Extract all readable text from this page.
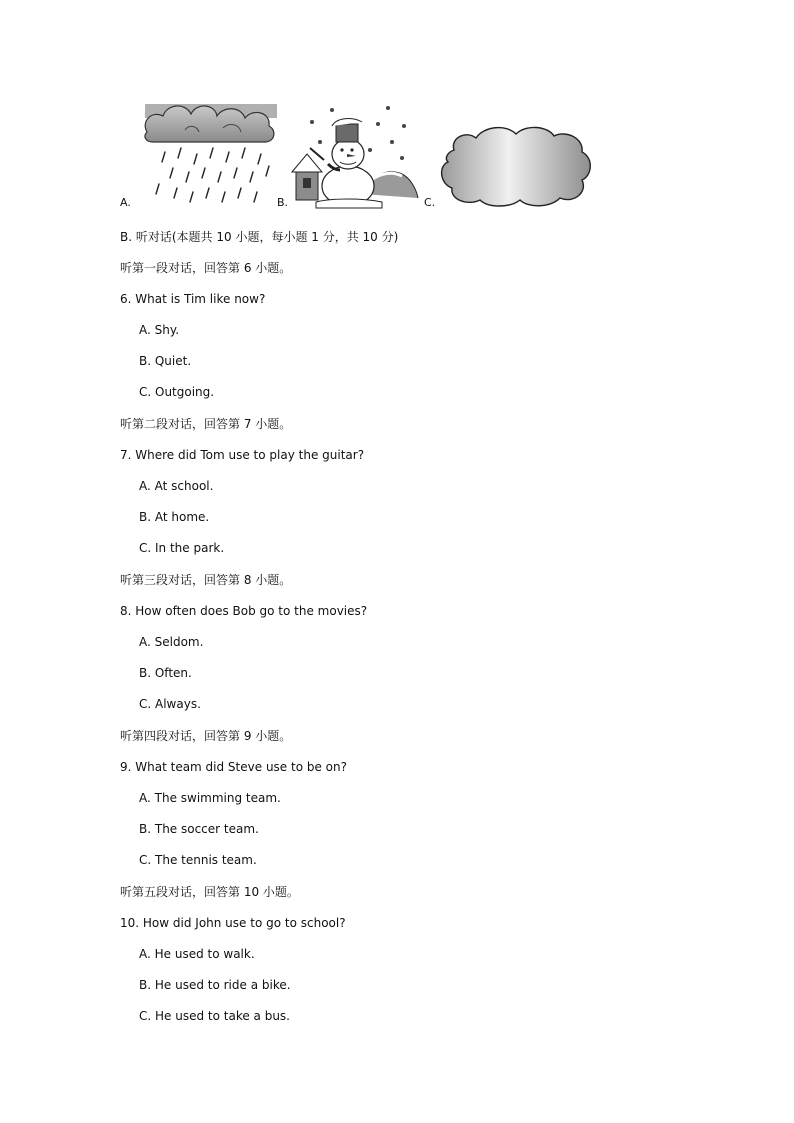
A.	B.	C.
B. 听对话(本题共 10 小题，每小题 1 分，共 10 分)
听第一段对话，回答第 6 小题。
6. What is Tim like now?
A. Shy.
B. Quiet.
C. Outgoing.
听第二段对话，回答第 7 小题。
7. Where did Tom use to play the guitar?
A. At school.
B. At home.
C. In the park.
听第三段对话，回答第 8 小题。
8. How often does Bob go to the movies?
A. Seldom.
B. Often.
C. Always.
听第四段对话，回答第 9 小题。
9. What team did Steve use to be on?
A. The swimming team.
B. The soccer team.
C. The tennis team.
听第五段对话，回答第 10 小题。
10. How did John use to go to school?
A. He used to walk.
B. He used to ride a bike.
C. He used to take a bus.
